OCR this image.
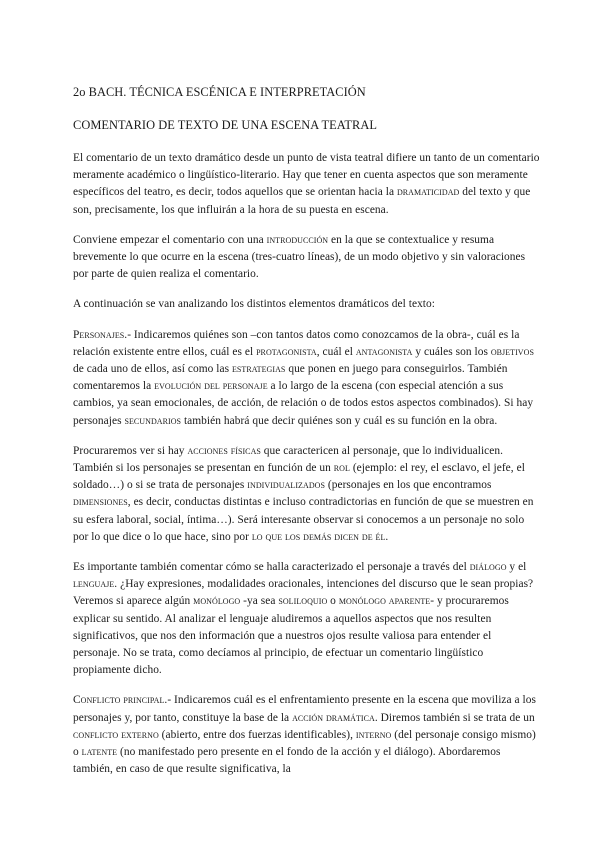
2o BACH. TÉCNICA ESCÉNICA E INTERPRETACIÓN
COMENTARIO DE TEXTO DE UNA ESCENA TEATRAL

El comentario de un texto dramático desde un punto de vista teatral difiere un tanto de un comentario meramente académico o lingüístico-literario. Hay que tener en cuenta aspectos que son meramente específicos del teatro, es decir, todos aquellos que se orientan hacia la dramaticidad del texto y que son, precisamente, los que influirán a la hora de su puesta en escena.

Conviene empezar el comentario con una introducción en la que se contextualice y resuma brevemente lo que ocurre en la escena (tres-cuatro líneas), de un modo objetivo y sin valoraciones por parte de quien realiza el comentario.

A continuación se van analizando los distintos elementos dramáticos del texto:

Personajes.- Indicaremos quiénes son –con tantos datos como conozcamos de la obra-, cuál es la relación existente entre ellos, cuál es el protagonista, cuál el antagonista y cuáles son los objetivos de cada uno de ellos, así como las estrategias que ponen en juego para conseguirlos. También comentaremos la evolución del personaje a lo largo de la escena (con especial atención a sus cambios, ya sean emocionales, de acción, de relación o de todos estos aspectos combinados). Si hay personajes secundarios también habrá que decir quiénes son y cuál es su función en la obra.

Procuraremos ver si hay acciones físicas que caractericen al personaje, que lo individualicen. También si los personajes se presentan en función de un rol (ejemplo: el rey, el esclavo, el jefe, el soldado…) o si se trata de personajes individualizados (personajes en los que encontramos dimensiones, es decir, conductas distintas e incluso contradictorias en función de que se muestren en su esfera laboral, social, íntima…). Será interesante observar si conocemos a un personaje no solo por lo que dice o lo que hace, sino por lo que los demás dicen de él.

Es importante también comentar cómo se halla caracterizado el personaje a través del diálogo y el lenguaje. ¿Hay expresiones, modalidades oracionales, intenciones del discurso que le sean propias? Veremos si aparece algún monólogo -ya sea soliloquio o monólogo aparente- y procuraremos explicar su sentido. Al analizar el lenguaje aludiremos a aquellos aspectos que nos resulten significativos, que nos den información que a nuestros ojos resulte valiosa para entender el personaje. No se trata, como decíamos al principio, de efectuar un comentario lingüístico propiamente dicho.

Conflicto principal.- Indicaremos cuál es el enfrentamiento presente en la escena que moviliza a los personajes y, por tanto, constituye la base de la acción dramática. Diremos también si se trata de un conflicto externo (abierto, entre dos fuerzas identificables), interno (del personaje consigo mismo) o latente (no manifestado pero presente en el fondo de la acción y el diálogo). Abordaremos también, en caso de que resulte significativa, la
